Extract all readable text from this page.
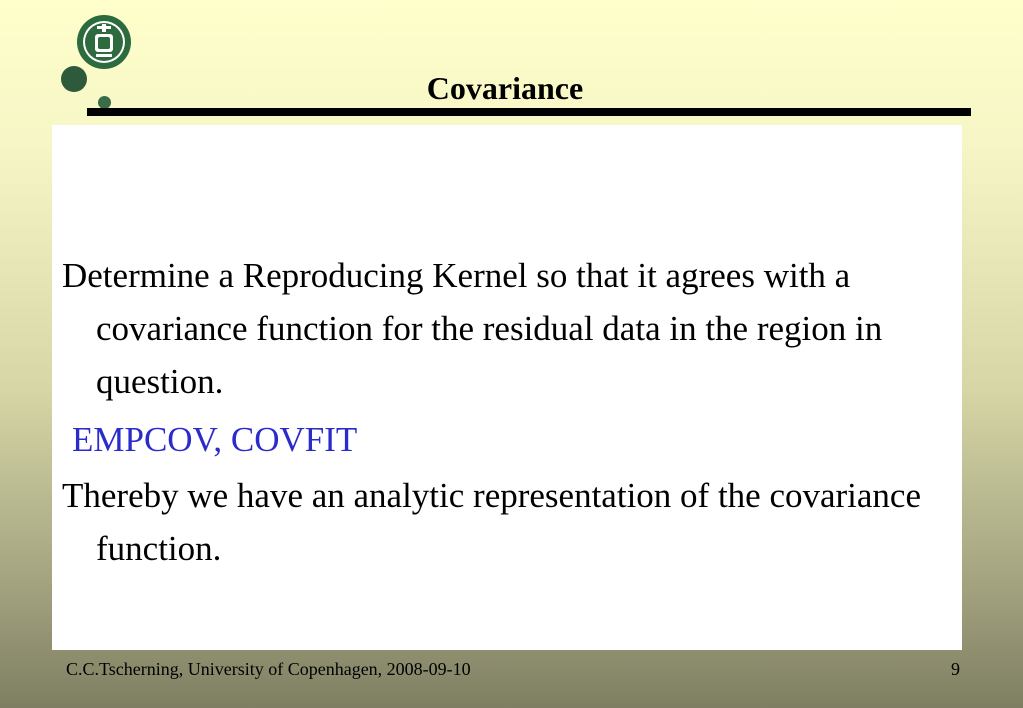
Covariance
Determine a Reproducing Kernel so that it agrees with a covariance function for the residual data in the region in question.
EMPCOV, COVFIT
Thereby we have an analytic representation of the covariance function.
C.C.Tscherning, University of Copenhagen, 2008-09-10	9
